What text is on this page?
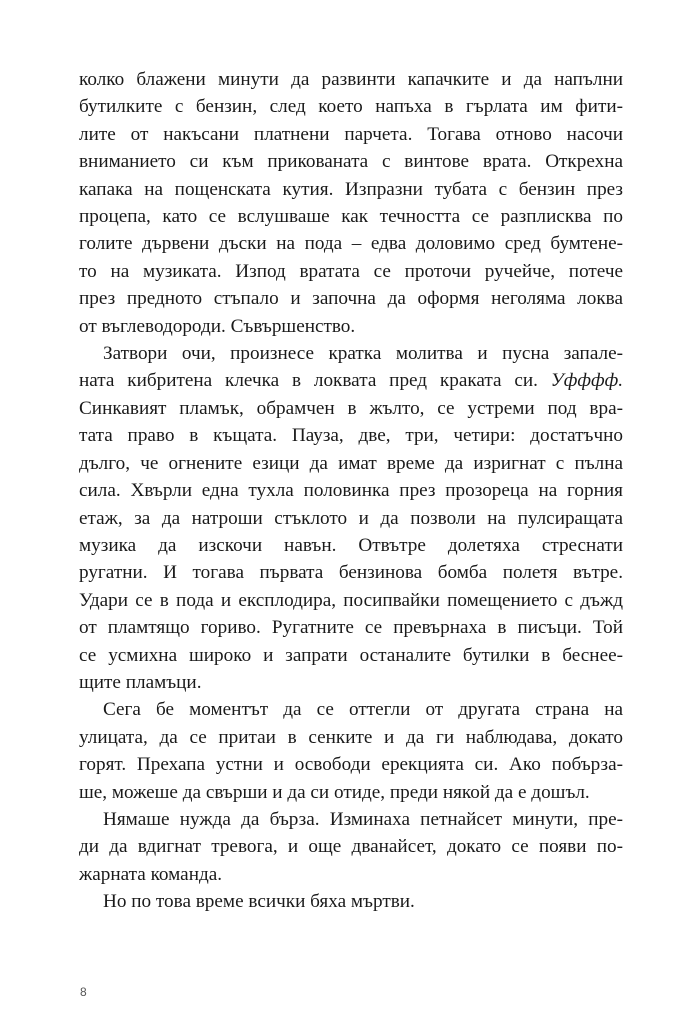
колко блажени минути да развинти капачките и да напълни
бутилките с бензин, след което напъха в гърлата им фити-
лите от накъсани платнени парчета. Тогава отново насочи
вниманието си към прикованата с винтове врата. Открехна
капака на пощенската кутия. Изпразни тубата с бензин през
процепа, като се вслушваше как течността се разплисква по
голите дървени дъски на пода – едва доловимо сред бумтене-
то на музиката. Изпод вратата се проточи ручейче, потече
през предното стъпало и започна да оформя неголяма локва
от въглеводороди. Съвършенство.

Затвори очи, произнесе кратка молитва и пусна запале-
ната кибритена клечка в локвата пред краката си. Уфффф.
Синкавият пламък, обрамчен в жълто, се устреми под вра-
тата право в къщата. Пауза, две, три, четири: достатъчно
дълго, че огнените езици да имат време да изригнат с пълна
сила. Хвърли една тухла половинка през прозореца на горния
етаж, за да натроши стъклото и да позволи на пулсиращата
музика да изскочи навън. Отвътре долетяха стреснати
ругатни. И тогава първата бензинова бомба полетя вътре.
Удари се в пода и експлодира, посипвайки помещението с дъжд
от пламтящо гориво. Ругатните се превърнаха в писъци. Той
се усмихна широко и запрати останалите бутилки в беснее-
щите пламъци.

Сега бе моментът да се оттегли от другата страна на
улицата, да се притаи в сенките и да ги наблюдава, докато
горят. Прехапа устни и освободи ерекцията си. Ако побърза-
ше, можеше да свърши и да си отиде, преди някой да е дошъл.

Нямаше нужда да бърза. Изминаха петнайсет минути, пре-
ди да вдигнат тревога, и още дванайсет, докато се появи по-
жарната команда.

Но по това време всички бяха мъртви.

8
